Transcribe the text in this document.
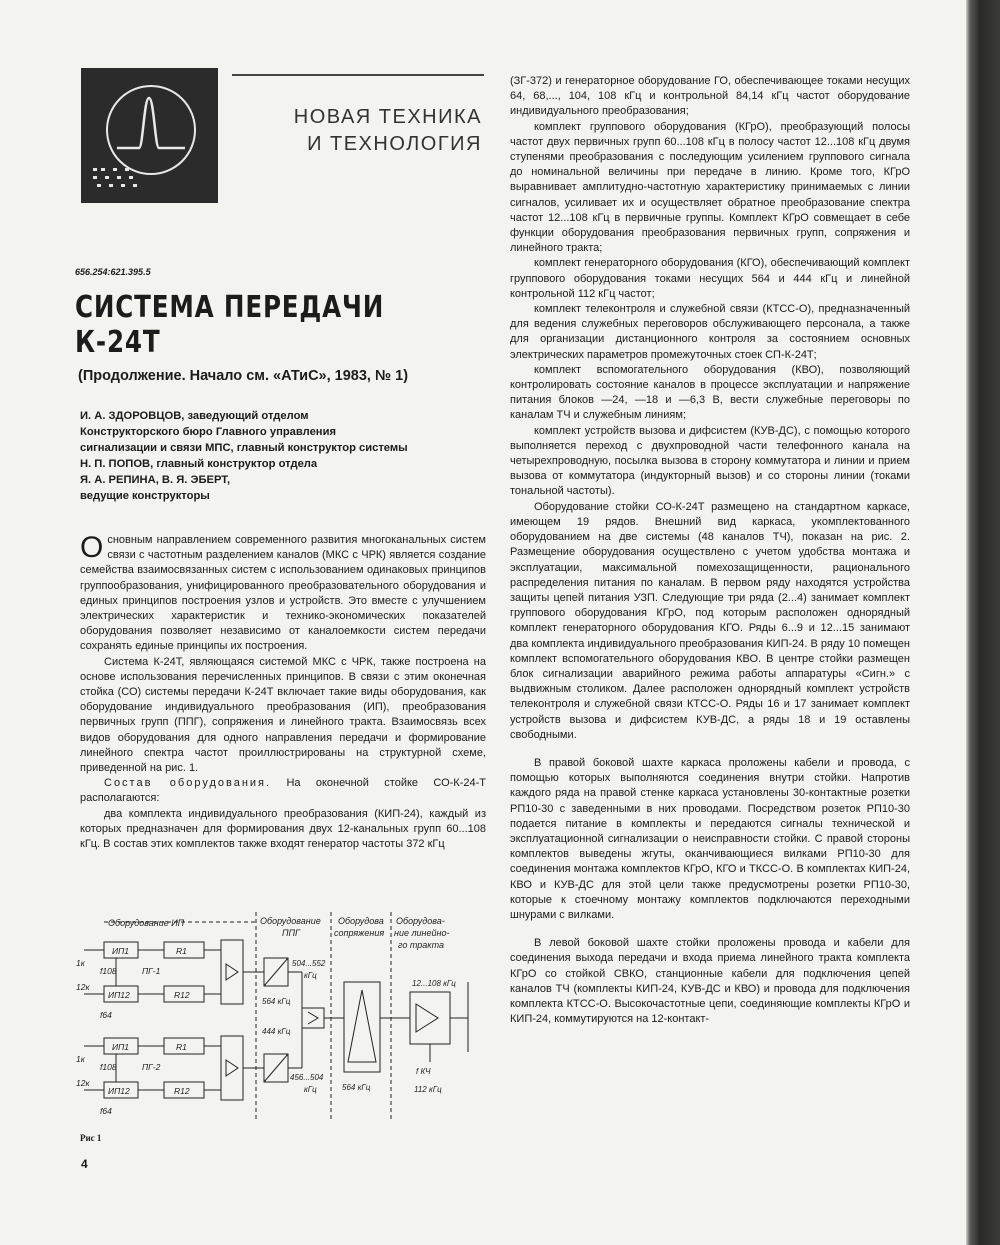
НОВАЯ ТЕХНИКА
И ТЕХНОЛОГИЯ
656.254:621.395.5
СИСТЕМА ПЕРЕДАЧИ К-24Т
(Продолжение. Начало см. «АТиС», 1983, № 1)
И. А. ЗДОРОВЦОВ, заведующий отделом
Конструкторского бюро Главного управления
сигнализации и связи МПС, главный конструктор системы
Н. П. ПОПОВ, главный конструктор отдела
Я. А. РЕПИНА, В. Я. ЭБЕРТ,
ведущие конструкторы

Основным направлением современного развития многоканальных систем связи с частотным разделением каналов (МКС с ЧРК) является создание семейства взаимосвязанных систем с использованием одинаковых принципов группообразования, унифицированного преобразовательного оборудования и единых принципов построения узлов и устройств. Это вместе с улучшением электрических характеристик и технико-экономических показателей оборудования позволяет независимо от каналоемкости систем передачи сохранять единые принципы их построения.

Система К-24Т, являющаяся системой МКС с ЧРК, также построена на основе использования перечисленных принципов. В связи с этим оконечная стойка (СО) системы передачи К-24Т включает такие виды оборудования, как оборудование индивидуального преобразования (ИП), преобразования первичных групп (ППГ), сопряжения и линейного тракта. Взаимосвязь всех видов оборудования для одного направления передачи и формирование линейного спектра частот проиллюстрированы на структурной схеме, приведенной на рис. 1.

Состав оборудования. На оконечной стойке СО-К-24-Т располагаются:

два комплекта индивидуального преобразования (КИП-24), каждый из которых предназначен для формирования двух 12-канальных групп 60...108 кГц. В состав этих комплектов также входят генератор частоты 372 кГц

(ЗГ-372) и генераторное оборудование ГО, обеспечивающее токами несущих 64, 68,..., 104, 108 кГц и контрольной 84,14 кГц частот оборудование индивидуального преобразования;

комплект группового оборудования (КГрО), преобразующий полосы частот двух первичных групп 60...108 кГц в полосу частот 12...108 кГц двумя ступенями преобразования с последующим усилением группового сигнала до номинальной величины при передаче в линию. Кроме того, КГрО выравнивает амплитудно-частотную характеристику принимаемых с линии сигналов, усиливает их и осуществляет обратное преобразование спектра частот 12...108 кГц в первичные группы. Комплект КГрО совмещает в себе функции оборудования преобразования первичных групп, сопряжения и линейного тракта;

комплект генераторного оборудования (КГО), обеспечивающий комплект группового оборудования токами несущих 564 и 444 кГц и линейной контрольной 112 кГц частот;

комплект телеконтроля и служебной связи (КТСС-О), предназначенный для ведения служебных переговоров обслуживающего персонала, а также для организации дистанционного контроля за состоянием основных электрических параметров промежуточных стоек СП-К-24Т;

комплект вспомогательного оборудования (КВО), позволяющий контролировать состояние каналов в процессе эксплуатации и напряжение питания блоков —24, —18 и —6,3 В, вести служебные переговоры по каналам ТЧ и служебным линиям;

комплект устройств вызова и дифсистем (КУВ-ДС), с помощью которого выполняется переход с двухпроводной части телефонного канала на четырехпроводную, посылка вызова в сторону коммутатора и линии и прием вызова от коммутатора (индукторный вызов) и со стороны линии (токами тональной частоты).

Оборудование стойки СО-К-24Т размещено на стандартном каркасе, имеющем 19 рядов. Внешний вид каркаса, укомплектованного оборудованием на две системы (48 каналов ТЧ), показан на рис. 2. Размещение оборудования осуществлено с учетом удобства монтажа и эксплуатации, максимальной помехозащищенности, рационального распределения питания по каналам. В первом ряду находятся устройства защиты цепей питания УЗП. Следующие три ряда (2...4) занимает комплект группового оборудования КГрО, под которым расположен однорядный комплект генераторного оборудования КГО. Ряды 6...9 и 12...15 занимают два комплекта индивидуального преобразования КИП-24. В ряду 10 помещен комплект вспомогательного оборудования КВО. В центре стойки размещен блок сигнализации аварийного режима работы аппаратуры «Сигн.» с выдвижным столиком. Далее расположен однорядный комплект устройств телеконтроля и служебной связи КТСС-О. Ряды 16 и 17 занимает комплект устройств вызова и дифсистем КУВ-ДС, а ряды 18 и 19 оставлены свободными.

В правой боковой шахте каркаса проложены кабели и провода, с помощью которых выполняются соединения внутри стойки. Напротив каждого ряда на правой стенке каркаса установлены 30-контактные розетки РП10-30 с заведенными в них проводами. Посредством розеток РП10-30 подается питание в комплекты и передаются сигналы технической и эксплуатационной сигнализации о неисправности стойки. С правой стороны комплектов выведены жгуты, оканчивающиеся вилками РП10-30 для соединения монтажа комплектов КГрО, КГО и ТКСС-О. В комплектах КИП-24, КВО и КУВ-ДС для этой цели также предусмотрены розетки РП10-30, которые к стоечному монтажу комплектов подключаются переходными шнурами с вилками.

В левой боковой шахте стойки проложены провода и кабели для соединения выхода передачи и входа приема линейного тракта комплекта КГрО со стойкой СВКО, станционные кабели для подключения цепей каналов ТЧ (комплекты КИП-24, КУВ-ДС и КВО) и провода для подключения комплекта КТСС-О. Высокочастотные цепи, соединяющие комплекты КГрО и КИП-24, коммутируются на 12-контакт-

Оборудование ИП	Оборудование
ППГ
Оборудова
сопряжения
Оборудова-
ние линейно-
го тракта
ИП1
ИП12
R1
R12
1к
12к
f108	ПГ-1
f64
ИП1
ИП12
R1
R12
1к
12к
f108	ПГ-2
f64
504...552
кГц
564 кГц
444 кГц
456...504
кГц	564 кГц
12...108 кГц
f КЧ
112 кГц
Рис 1
4
